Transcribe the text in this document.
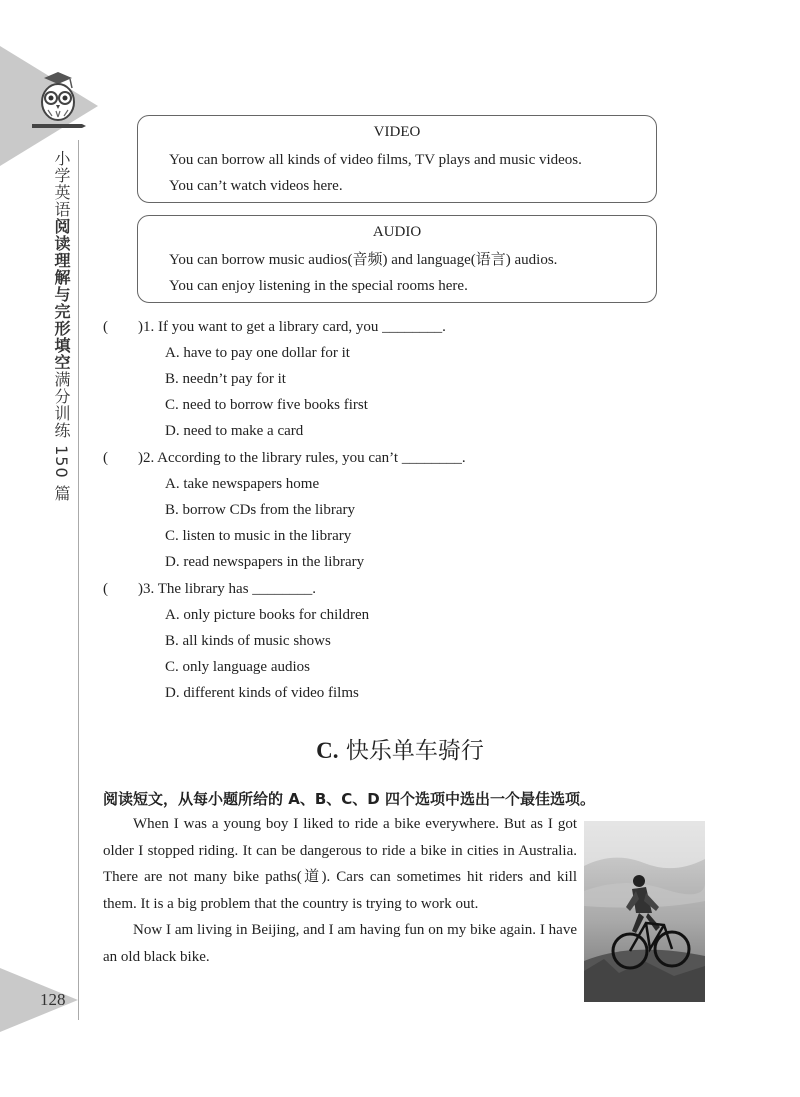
小学英语阅读理解与完形填空满分训练 150 篇
128
VIDEO
You can borrow all kinds of video films, TV plays and music videos.
You can’t watch videos here.
AUDIO
You can borrow music audios(音频) and language(语言) audios.
You can enjoy listening in the special rooms here.
(　　)1. If you want to get a library card, you ________.
A. have to pay one dollar for it
B. needn’t pay for it
C. need to borrow five books first
D. need to make a card
(　　)2. According to the library rules, you can’t ________.
A. take newspapers home
B. borrow CDs from the library
C. listen to music in the library
D. read newspapers in the library
(　　)3. The library has ________.
A. only picture books for children
B. all kinds of music shows
C. only language audios
D. different kinds of video films
C. 快乐单车骑行
阅读短文，从每小题所给的 A、B、C、D 四个选项中选出一个最佳选项。

When I was a young boy I liked to ride a bike everywhere. But as I got older I stopped riding. It can be dangerous to ride a bike in cities in Australia. There are not many bike paths(道). Cars can sometimes hit riders and kill them. It is a big problem that the country is trying to work out.

Now I am living in Beijing, and I am having fun on my bike again. I have an old black bike.
